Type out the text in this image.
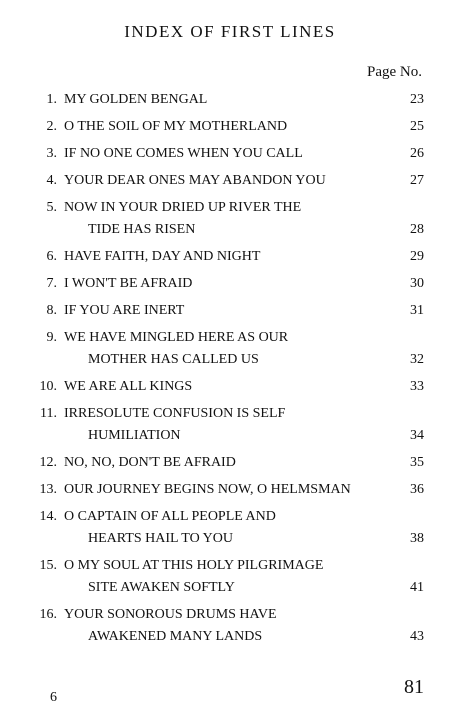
INDEX OF FIRST LINES
Page No.
1. MY GOLDEN BENGAL	23
2. O THE SOIL OF MY MOTHERLAND	25
3. IF NO ONE COMES WHEN YOU CALL	26
4. YOUR DEAR ONES MAY ABANDON YOU	27
5. NOW IN YOUR DRIED UP RIVER THE
TIDE HAS RISEN	28
6. HAVE FAITH, DAY AND NIGHT	29
7. I WON'T BE AFRAID	30
8. IF YOU ARE INERT	31
9. WE HAVE MINGLED HERE AS OUR
MOTHER HAS CALLED US	32
10. WE ARE ALL KINGS	33
11. IRRESOLUTE CONFUSION IS SELF
HUMILIATION	34
12. NO, NO, DON'T BE AFRAID	35
13. OUR JOURNEY BEGINS NOW, O HELMSMAN	36
14. O CAPTAIN OF ALL PEOPLE AND
HEARTS HAIL TO YOU	38
15. O MY SOUL AT THIS HOLY PILGRIMAGE
SITE AWAKEN SOFTLY	41
16. YOUR SONOROUS DRUMS HAVE
AWAKENED MANY LANDS	43
81
6
